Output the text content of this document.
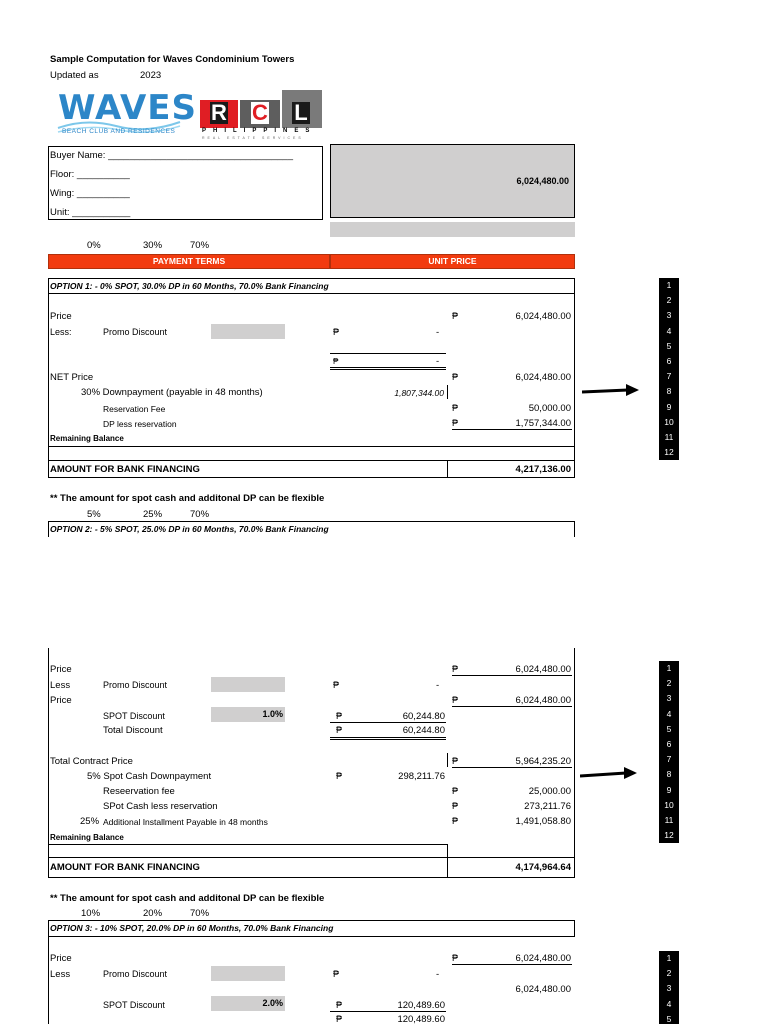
Sample Computation for Waves Condominium Towers
Updated as	2023
WAVES
BEACH CLUB AND RESIDENCES
R C L
PHILIPPINES
REAL ESTATE SERVICES
Buyer Name: ___________________________________
Floor: __________
Wing: __________
Unit: ___________
6,024,480.00
0%	30%	70%
PAYMENT TERMS	UNIT PRICE
OPTION 1: - 0% SPOT, 30.0% DP in 60 Months, 70.0% Bank Financing
Price	₱	6,024,480.00
Less:	Promo Discount	₱	-
₱	-
NET Price	₱	6,024,480.00
30% Downpayment (payable in 48 months)	1,807,344.00
Reservation Fee	₱	50,000.00
DP less reservation	₱	1,757,344.00
Remaining Balance
AMOUNT FOR BANK FINANCING	4,217,136.00
1
2
3
4
5
6
7
8
9
10
11
12
** The amount for spot cash and additonal DP can be flexible
5%	25%	70%
OPTION 2: - 5% SPOT, 25.0% DP in 60 Months, 70.0% Bank Financing
Price	₱	6,024,480.00
Less	Promo Discount	₱	-
Price	₱	6,024,480.00
SPOT Discount	1.0%	₱	60,244.80
Total Discount	₱	60,244.80
Total Contract Price	₱	5,964,235.20
5% Spot Cash Downpayment	₱	298,211.76
Reseervation fee	₱	25,000.00
SPot Cash less reservation	₱	273,211.76
25% Additional Installment Payable in 48 months	₱	1,491,058.80
Remaining Balance
AMOUNT FOR BANK FINANCING	4,174,964.64
1
2
3
4
5
6
7
8
9
10
11
12
** The amount for spot cash and additonal DP can be flexible
10%	20%	70%
OPTION 3: - 10% SPOT, 20.0% DP in 60 Months, 70.0% Bank Financing
Price	₱	6,024,480.00
Less	Promo Discount	₱	-
6,024,480.00
SPOT Discount	2.0%	₱	120,489.60
₱	120,489.60
1
2
3
4
5
